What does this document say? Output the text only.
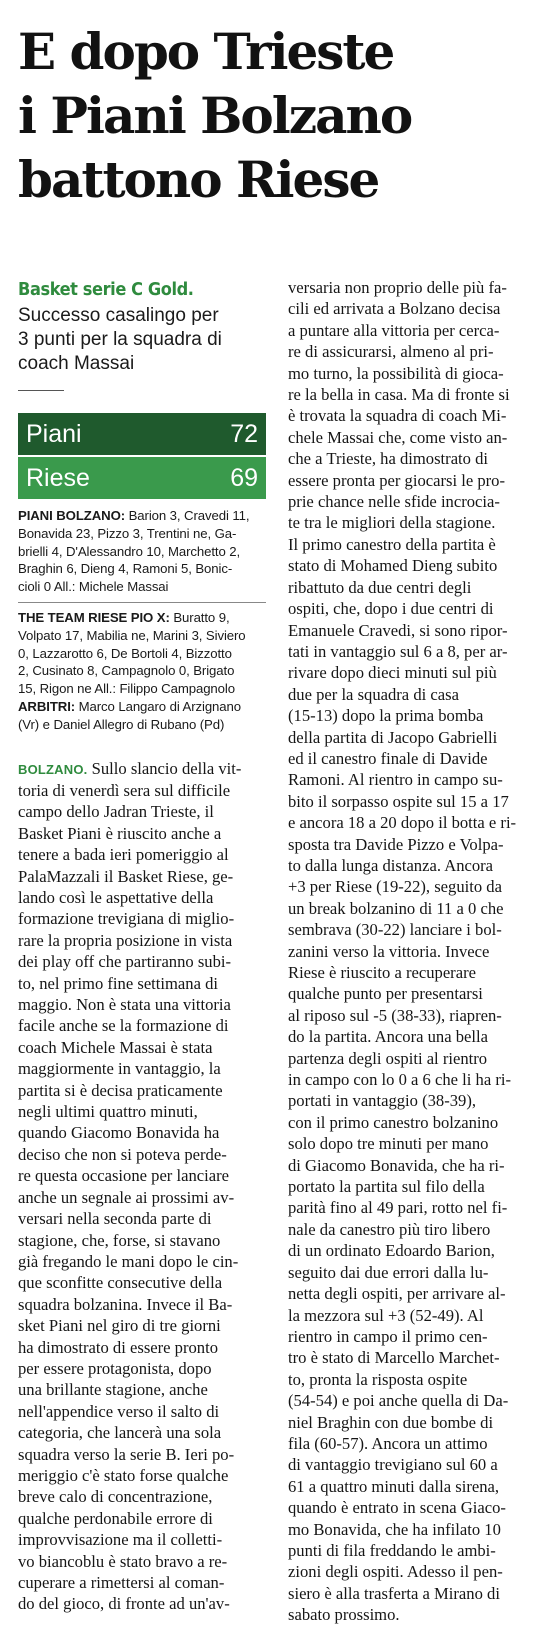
E dopo Trieste
i Piani Bolzano
battono Riese

Basket serie C Gold.

Successo casalingo per
3 punti per la squadra di
coach Massai

Piani	72
Riese	69
PIANI BOLZANO: Barion 3, Cravedi 11,
Bonavida 23, Pizzo 3, Trentini ne, Ga-
brielli 4, D'Alessandro 10, Marchetto 2,
Braghin 6, Dieng 4, Ramoni 5, Bonic-
cioli 0 All.: Michele Massai
THE TEAM RIESE PIO X: Buratto 9,
Volpato 17, Mabilia ne, Marini 3, Siviero
0, Lazzarotto 6, De Bortoli 4, Bizzotto
2, Cusinato 8, Campagnolo 0, Brigato
15, Rigon ne All.: Filippo Campagnolo
ARBITRI: Marco Langaro di Arzignano
(Vr) e Daniel Allegro di Rubano (Pd)
BOLZANO. Sullo slancio della vit-
toria di venerdì sera sul difficile
campo dello Jadran Trieste, il
Basket Piani è riuscito anche a
tenere a bada ieri pomeriggio al
PalaMazzali il Basket Riese, ge-
lando così le aspettative della
formazione trevigiana di miglio-
rare la propria posizione in vista
dei play off che partiranno subi-
to, nel primo fine settimana di
maggio. Non è stata una vittoria
facile anche se la formazione di
coach Michele Massai è stata
maggiormente in vantaggio, la
partita si è decisa praticamente
negli ultimi quattro minuti,
quando Giacomo Bonavida ha
deciso che non si poteva perde-
re questa occasione per lanciare
anche un segnale ai prossimi av-
versari nella seconda parte di
stagione, che, forse, si stavano
già fregando le mani dopo le cin-
que sconfitte consecutive della
squadra bolzanina. Invece il Ba-
sket Piani nel giro di tre giorni
ha dimostrato di essere pronto
per essere protagonista, dopo
una brillante stagione, anche
nell'appendice verso il salto di
categoria, che lancerà una sola
squadra verso la serie B. Ieri po-
meriggio c'è stato forse qualche
breve calo di concentrazione,
qualche perdonabile errore di
improvvisazione ma il colletti-
vo biancoblu è stato bravo a re-
cuperare a rimettersi al coman-
do del gioco, di fronte ad un'av-
versaria non proprio delle più fa-
cili ed arrivata a Bolzano decisa
a puntare alla vittoria per cerca-
re di assicurarsi, almeno al pri-
mo turno, la possibilità di gioca-
re la bella in casa. Ma di fronte si
è trovata la squadra di coach Mi-
chele Massai che, come visto an-
che a Trieste, ha dimostrato di
essere pronta per giocarsi le pro-
prie chance nelle sfide incrocia-
te tra le migliori della stagione.
Il primo canestro della partita è
stato di Mohamed Dieng subito
ribattuto da due centri degli
ospiti, che, dopo i due centri di
Emanuele Cravedi, si sono ripor-
tati in vantaggio sul 6 a 8, per ar-
rivare dopo dieci minuti sul più
due per la squadra di casa
(15-13) dopo la prima bomba
della partita di Jacopo Gabrielli
ed il canestro finale di Davide
Ramoni. Al rientro in campo su-
bito il sorpasso ospite sul 15 a 17
e ancora 18 a 20 dopo il botta e ri-
sposta tra Davide Pizzo e Volpa-
to dalla lunga distanza. Ancora
+3 per Riese (19-22), seguito da
un break bolzanino di 11 a 0 che
sembrava (30-22) lanciare i bol-
zanini verso la vittoria. Invece
Riese è riuscito a recuperare
qualche punto per presentarsi
al riposo sul -5 (38-33), riapren-
do la partita. Ancora una bella
partenza degli ospiti al rientro
in campo con lo 0 a 6 che li ha ri-
portati in vantaggio (38-39),
con il primo canestro bolzanino
solo dopo tre minuti per mano
di Giacomo Bonavida, che ha ri-
portato la partita sul filo della
parità fino al 49 pari, rotto nel fi-
nale da canestro più tiro libero
di un ordinato Edoardo Barion,
seguito dai due errori dalla lu-
netta degli ospiti, per arrivare al-
la mezzora sul +3 (52-49). Al
rientro in campo il primo cen-
tro è stato di Marcello Marchet-
to, pronta la risposta ospite
(54-54) e poi anche quella di Da-
niel Braghin con due bombe di
fila (60-57). Ancora un attimo
di vantaggio trevigiano sul 60 a
61 a quattro minuti dalla sirena,
quando è entrato in scena Giaco-
mo Bonavida, che ha infilato 10
punti di fila freddando le ambi-
zioni degli ospiti. Adesso il pen-
siero è alla trasferta a Mirano di
sabato prossimo.
